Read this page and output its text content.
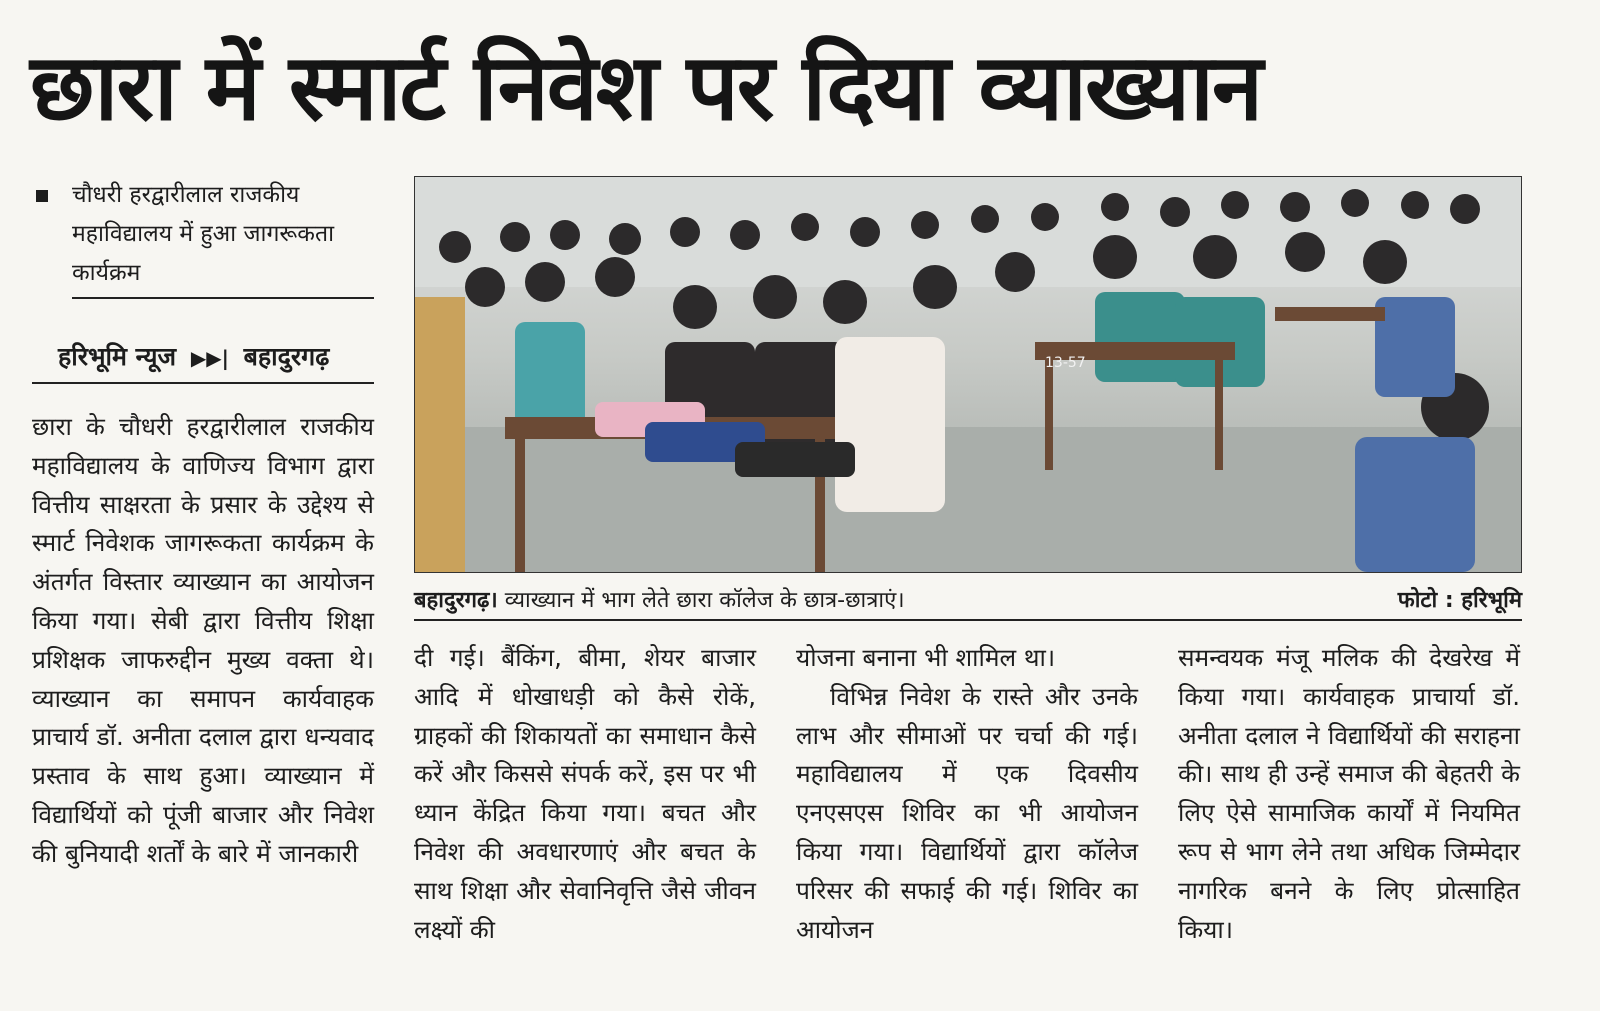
छारा में स्मार्ट निवेश पर दिया व्याख्यान
चौधरी हरद्वारीलाल राजकीय महाविद्यालय में हुआ जागरूकता कार्यक्रम
हरिभूमि न्यूज ▶▶| बहादुरगढ़

छारा के चौधरी हरद्वारीलाल राजकीय महाविद्यालय के वाणिज्य विभाग द्वारा वित्तीय साक्षरता के प्रसार के उद्देश्य से स्मार्ट निवेशक जागरूकता कार्यक्रम के अंतर्गत विस्तार व्याख्यान का आयोजन किया गया। सेबी द्वारा वित्तीय शिक्षा प्रशिक्षक जाफरुद्दीन मुख्य वक्ता थे। व्याख्यान का समापन कार्यवाहक प्राचार्य डॉ. अनीता दलाल द्वारा धन्यवाद प्रस्ताव के साथ हुआ। व्याख्यान में विद्यार्थियों को पूंजी बाजार और निवेश की बुनियादी शर्तों के बारे में जानकारी

13-57
बहादुरगढ़। व्याख्यान में भाग लेते छारा कॉलेज के छात्र-छात्राएं।	फोटो : हरिभूमि

दी गई। बैंकिंग, बीमा, शेयर बाजार आदि में धोखाधड़ी को कैसे रोकें, ग्राहकों की शिकायतों का समाधान कैसे करें और किससे संपर्क करें, इस पर भी ध्यान केंद्रित किया गया। बचत और निवेश की अवधारणाएं और बचत के साथ शिक्षा और सेवानिवृत्ति जैसे जीवन लक्ष्यों की

योजना बनाना भी शामिल था।

विभिन्न निवेश के रास्ते और उनके लाभ और सीमाओं पर चर्चा की गई। महाविद्यालय में एक दिवसीय एनएसएस शिविर का भी आयोजन किया गया। विद्यार्थियों द्वारा कॉलेज परिसर की सफाई की गई। शिविर का आयोजन

समन्वयक मंजू मलिक की देखरेख में किया गया। कार्यवाहक प्राचार्या डॉ. अनीता दलाल ने विद्यार्थियों की सराहना की। साथ ही उन्हें समाज की बेहतरी के लिए ऐसे सामाजिक कार्यों में नियमित रूप से भाग लेने तथा अधिक जिम्मेदार नागरिक बनने के लिए प्रोत्साहित किया।
